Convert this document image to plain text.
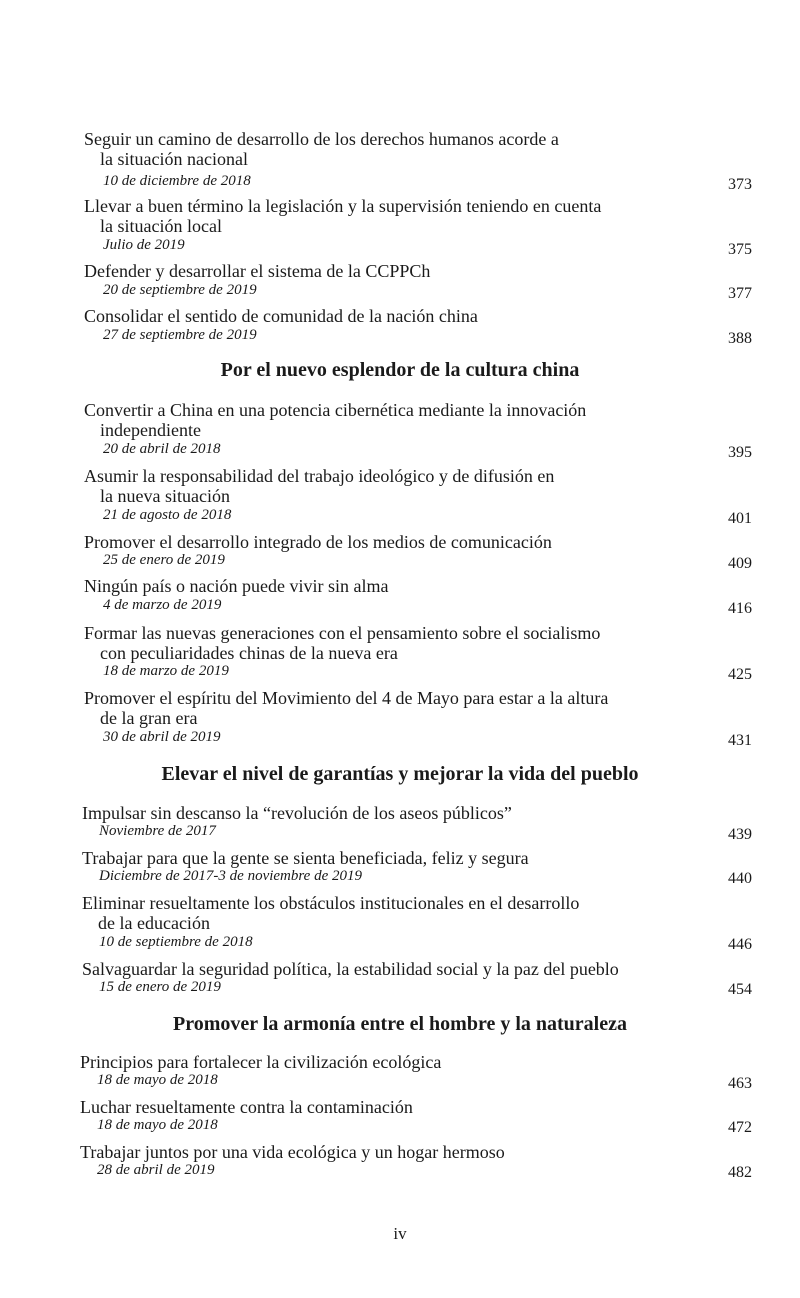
Seguir un camino de desarrollo de los derechos humanos acorde a
la situación nacional
10 de diciembre de 2018	373
Llevar a buen término la legislación y la supervisión teniendo en cuenta
la situación local
Julio de 2019	375
Defender y desarrollar el sistema de la CCPPCh
20 de septiembre de 2019	377
Consolidar el sentido de comunidad de la nación china
27 de septiembre de 2019	388
Por el nuevo esplendor de la cultura china
Convertir a China en una potencia cibernética mediante la innovación
independiente
20 de abril de 2018	395
Asumir la responsabilidad del trabajo ideológico y de difusión en
la nueva situación
21 de agosto de 2018	401
Promover el desarrollo integrado de los medios de comunicación
25 de enero de 2019	409
Ningún país o nación puede vivir sin alma
4 de marzo de 2019	416
Formar las nuevas generaciones con el pensamiento sobre el socialismo
con peculiaridades chinas de la nueva era
18 de marzo de 2019	425
Promover el espíritu del Movimiento del 4 de Mayo para estar a la altura
de la gran era
30 de abril de 2019	431
Elevar el nivel de garantías y mejorar la vida del pueblo
Impulsar sin descanso la “revolución de los aseos públicos”
Noviembre de 2017	439
Trabajar para que la gente se sienta beneficiada, feliz y segura
Diciembre de 2017-3 de noviembre de 2019	440
Eliminar resueltamente los obstáculos institucionales en el desarrollo
de la educación
10 de septiembre de 2018	446
Salvaguardar la seguridad política, la estabilidad social y la paz del pueblo
15 de enero de 2019	454
Promover la armonía entre el hombre y la naturaleza
Principios para fortalecer la civilización ecológica
18 de mayo de 2018	463
Luchar resueltamente contra la contaminación
18 de mayo de 2018	472
Trabajar juntos por una vida ecológica y un hogar hermoso
28 de abril de 2019	482
iv
